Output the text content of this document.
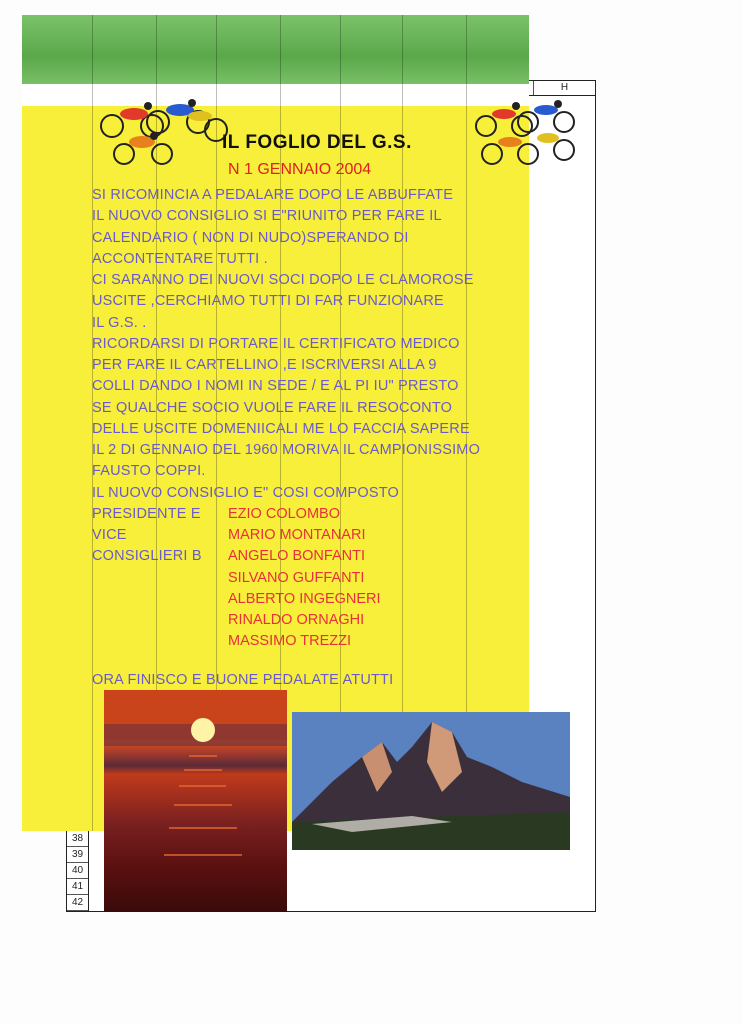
H
38
39
40
41
42
IL FOGLIO DEL G.S.
N 1 GENNAIO 2004
SI RICOMINCIA A PEDALARE DOPO LE ABBUFFATE
IL NUOVO CONSIGLIO SI E"RIUNITO PER FARE IL
CALENDARIO ( NON DI NUDO)SPERANDO DI
ACCONTENTARE TUTTI .
CI SARANNO DEI NUOVI SOCI DOPO LE CLAMOROSE
USCITE ,CERCHIAMO TUTTI DI FAR FUNZIONARE
IL G.S. .
RICORDARSI DI PORTARE IL CERTIFICATO MEDICO
PER FARE IL CARTELLINO ,E ISCRIVERSI ALLA 9
COLLI DANDO I NOMI IN SEDE / E AL PI IU" PRESTO
SE QUALCHE SOCIO VUOLE FARE IL RESOCONTO
DELLE USCITE DOMENIICALI ME LO FACCIA SAPERE
IL 2 DI GENNAIO DEL 1960 MORIVA IL CAMPIONISSIMO
FAUSTO COPPI.
IL NUOVO CONSIGLIO E" COSI COMPOSTO
PRESIDENTE E
VICE
CONSIGLIERI B
EZIO COLOMBO
MARIO MONTANARI
ANGELO BONFANTI
SILVANO GUFFANTI
ALBERTO INGEGNERI
RINALDO ORNAGHI
MASSIMO TREZZI
ORA FINISCO E BUONE PEDALATE ATUTTI
